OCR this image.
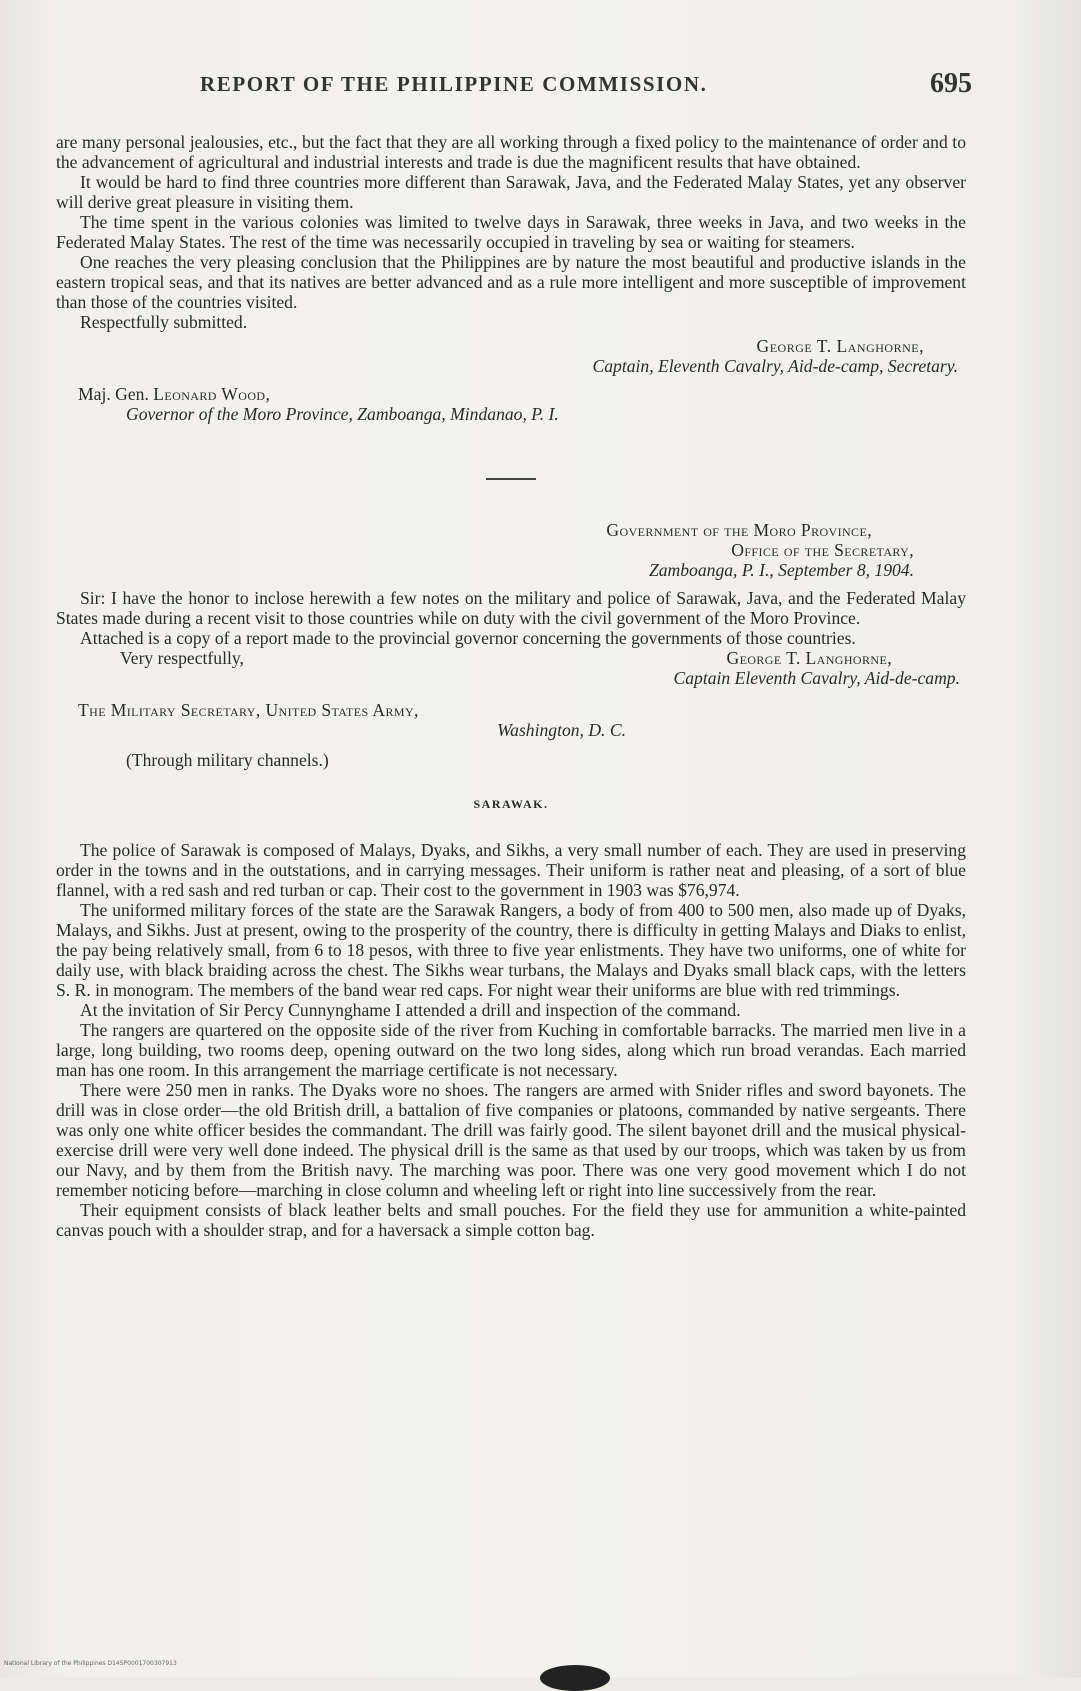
REPORT OF THE PHILIPPINE COMMISSION.	695

are many personal jealousies, etc., but the fact that they are all working through a fixed policy to the maintenance of order and to the advancement of agricultural and industrial interests and trade is due the magnificent results that have obtained.

It would be hard to find three countries more different than Sarawak, Java, and the Federated Malay States, yet any observer will derive great pleasure in visiting them.

The time spent in the various colonies was limited to twelve days in Sarawak, three weeks in Java, and two weeks in the Federated Malay States. The rest of the time was necessarily occupied in traveling by sea or waiting for steamers.

One reaches the very pleasing conclusion that the Philippines are by nature the most beautiful and productive islands in the eastern tropical seas, and that its natives are better advanced and as a rule more intelligent and more susceptible of improvement than those of the countries visited.

Respectfully submitted.

George T. Langhorne,
Captain, Eleventh Cavalry, Aid-de-camp, Secretary.
Maj. Gen. Leonard Wood,
Governor of the Moro Province, Zamboanga, Mindanao, P. I.
Government of the Moro Province,
Office of the Secretary,
Zamboanga, P. I., September 8, 1904.

Sir: I have the honor to inclose herewith a few notes on the military and police of Sarawak, Java, and the Federated Malay States made during a recent visit to those countries while on duty with the civil government of the Moro Province.

Attached is a copy of a report made to the provincial governor concerning the governments of those countries.

Very respectfully,	George T. Langhorne,
Captain Eleventh Cavalry, Aid-de-camp.
The Military Secretary, United States Army,
Washington, D. C.
(Through military channels.)
SARAWAK.

The police of Sarawak is composed of Malays, Dyaks, and Sikhs, a very small number of each. They are used in preserving order in the towns and in the outstations, and in carrying messages. Their uniform is rather neat and pleasing, of a sort of blue flannel, with a red sash and red turban or cap. Their cost to the government in 1903 was $76,974.

The uniformed military forces of the state are the Sarawak Rangers, a body of from 400 to 500 men, also made up of Dyaks, Malays, and Sikhs. Just at present, owing to the prosperity of the country, there is difficulty in getting Malays and Diaks to enlist, the pay being relatively small, from 6 to 18 pesos, with three to five year enlistments. They have two uniforms, one of white for daily use, with black braiding across the chest. The Sikhs wear turbans, the Malays and Dyaks small black caps, with the letters S. R. in monogram. The members of the band wear red caps. For night wear their uniforms are blue with red trimmings.

At the invitation of Sir Percy Cunnynghame I attended a drill and inspection of the command.

The rangers are quartered on the opposite side of the river from Kuching in comfortable barracks. The married men live in a large, long building, two rooms deep, opening outward on the two long sides, along which run broad verandas. Each married man has one room. In this arrangement the marriage certificate is not necessary.

There were 250 men in ranks. The Dyaks wore no shoes. The rangers are armed with Snider rifles and sword bayonets. The drill was in close order—the old British drill, a battalion of five companies or platoons, commanded by native sergeants. There was only one white officer besides the commandant. The drill was fairly good. The silent bayonet drill and the musical physical-exercise drill were very well done indeed. The physical drill is the same as that used by our troops, which was taken by us from our Navy, and by them from the British navy. The marching was poor. There was one very good movement which I do not remember noticing before—marching in close column and wheeling left or right into line successively from the rear.

Their equipment consists of black leather belts and small pouches. For the field they use for ammunition a white-painted canvas pouch with a shoulder strap, and for a haversack a simple cotton bag.

National Library of the Philippines D14SP0001700307913
